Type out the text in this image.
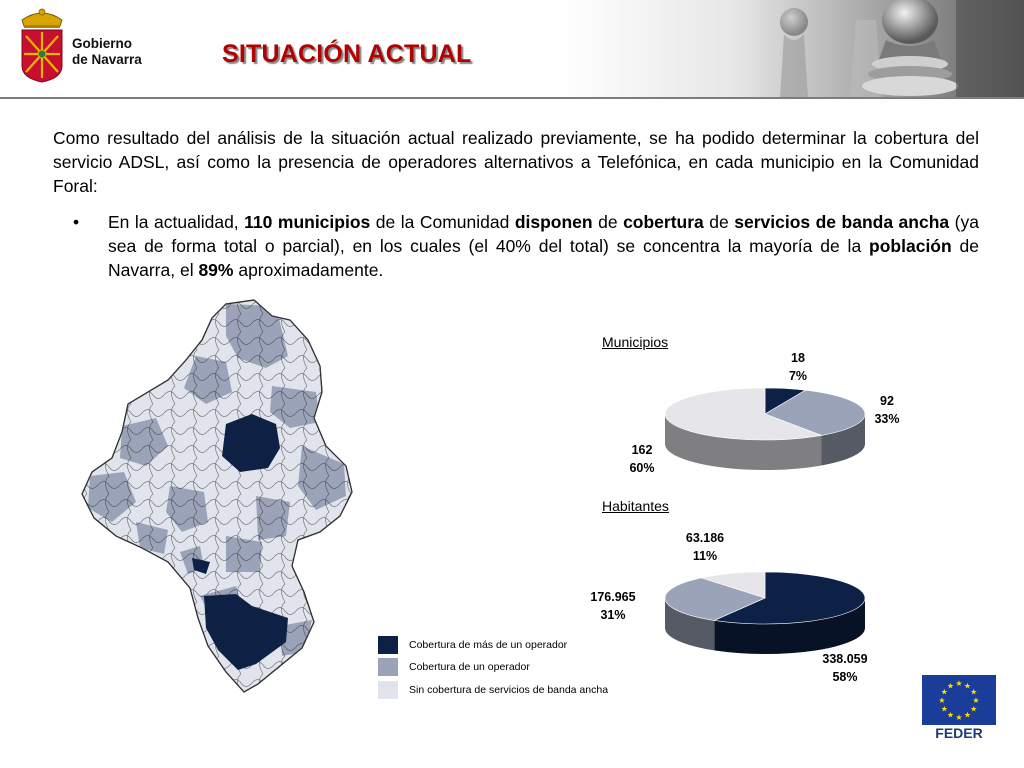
Gobierno
de Navarra	SITUACIÓN ACTUAL
Como resultado del análisis de la situación actual realizado previamente, se ha podido determinar la cobertura del servicio ADSL, así como la presencia de operadores alternativos a Telefónica, en cada municipio en la Comunidad Foral:
• En la actualidad, 110 municipios de la Comunidad disponen de cobertura de servicios de banda ancha (ya sea de forma total o parcial), en los cuales (el 40% del total) se concentra la mayoría de la población de Navarra, el 89% aproximadamente.
Cobertura de más de un operador
Cobertura de un operador
Sin cobertura de servicios de banda ancha
Municipios
18
7%
92
33%
162
60%
Habitantes
338.059
58%
176.965
31%
63.186
11%
★
★
★
★
★
★
★
★
★ ★ ★
★
FEDER
